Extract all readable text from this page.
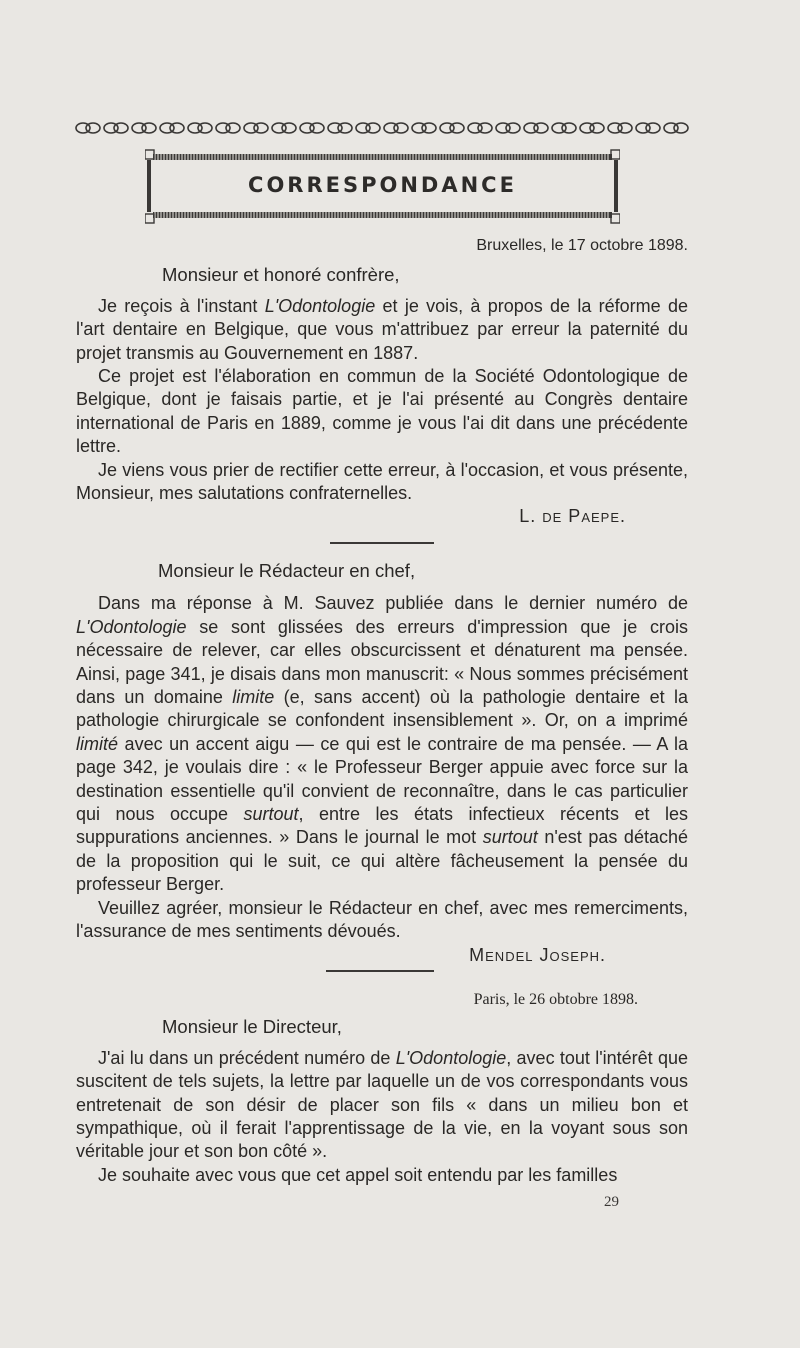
CORRESPONDANCE
Bruxelles, le 17 octobre 1898.
Monsieur et honoré confrère,

Je reçois à l'instant L'Odontologie et je vois, à propos de la réforme de l'art dentaire en Belgique, que vous m'attribuez par erreur la paternité du projet transmis au Gouvernement en 1887.

Ce projet est l'élaboration en commun de la Société Odontologique de Belgique, dont je faisais partie, et je l'ai présenté au Congrès dentaire international de Paris en 1889, comme je vous l'ai dit dans une précédente lettre.

Je viens vous prier de rectifier cette erreur, à l'occasion, et vous présente, Monsieur, mes salutations confraternelles.

L. de Paepe.
Monsieur le Rédacteur en chef,

Dans ma réponse à M. Sauvez publiée dans le dernier numéro de L'Odontologie se sont glissées des erreurs d'impression que je crois nécessaire de relever, car elles obscurcissent et dénaturent ma pensée. Ainsi, page 341, je disais dans mon manuscrit: « Nous sommes précisément dans un domaine limite (e, sans accent) où la pathologie dentaire et la pathologie chirurgicale se confondent insensiblement ». Or, on a imprimé limité avec un accent aigu — ce qui est le contraire de ma pensée. — A la page 342, je voulais dire : « le Professeur Berger appuie avec force sur la destination essentielle qu'il convient de reconnaître, dans le cas particulier qui nous occupe surtout, entre les états infectieux récents et les suppurations anciennes. » Dans le journal le mot surtout n'est pas détaché de la proposition qui le suit, ce qui altère fâcheusement la pensée du professeur Berger.

Veuillez agréer, monsieur le Rédacteur en chef, avec mes remerciments, l'assurance de mes sentiments dévoués.

Mendel Joseph.
Paris, le 26 obtobre 1898.
Monsieur le Directeur,

J'ai lu dans un précédent numéro de L'Odontologie, avec tout l'intérêt que suscitent de tels sujets, la lettre par laquelle un de vos correspondants vous entretenait de son désir de placer son fils « dans un milieu bon et sympathique, où il ferait l'apprentissage de la vie, en la voyant sous son véritable jour et son bon côté ».

Je souhaite avec vous que cet appel soit entendu par les familles

29
